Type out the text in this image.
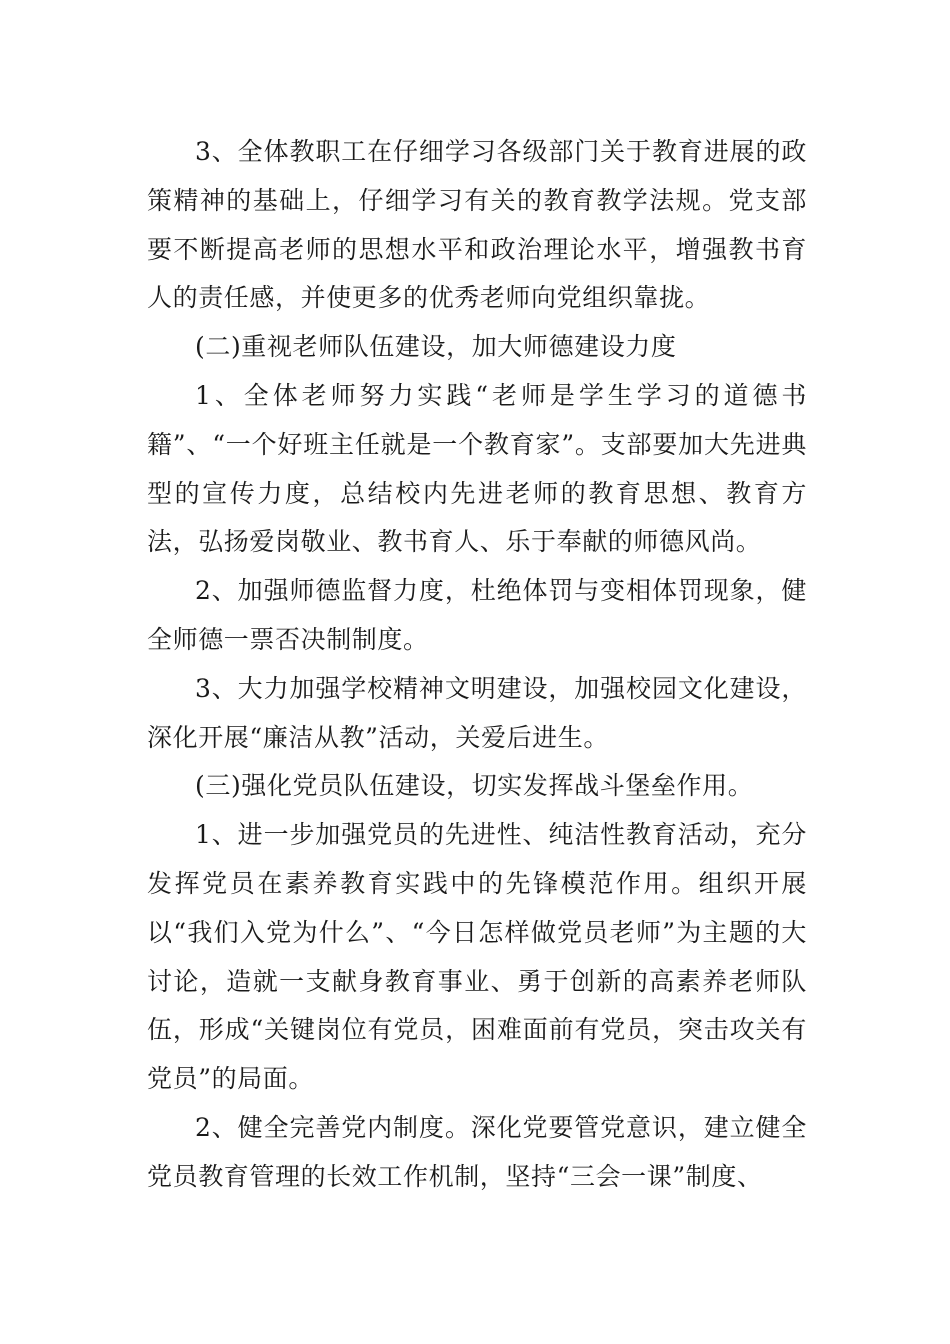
3、全体教职工在仔细学习各级部门关于教育进展的政策精神的基础上，仔细学习有关的教育教学法规。党支部要不断提高老师的思想水平和政治理论水平，增强教书育人的责任感，并使更多的优秀老师向党组织靠拢。

(二)重视老师队伍建设，加大师德建设力度

1、全体老师努力实践“老师是学生学习的道德书籍”、“一个好班主任就是一个教育家”。支部要加大先进典型的宣传力度，总结校内先进老师的教育思想、教育方法，弘扬爱岗敬业、教书育人、乐于奉献的师德风尚。

2、加强师德监督力度，杜绝体罚与变相体罚现象，健全师德一票否决制制度。

3、大力加强学校精神文明建设，加强校园文化建设，深化开展“廉洁从教”活动，关爱后进生。

(三)强化党员队伍建设，切实发挥战斗堡垒作用。

1、进一步加强党员的先进性、纯洁性教育活动，充分发挥党员在素养教育实践中的先锋模范作用。组织开展以“我们入党为什么”、“今日怎样做党员老师”为主题的大讨论，造就一支献身教育事业、勇于创新的高素养老师队伍，形成“关键岗位有党员，困难面前有党员，突击攻关有党员”的局面。

2、健全完善党内制度。深化党要管党意识，建立健全党员教育管理的长效工作机制，坚持“三会一课”制度、
